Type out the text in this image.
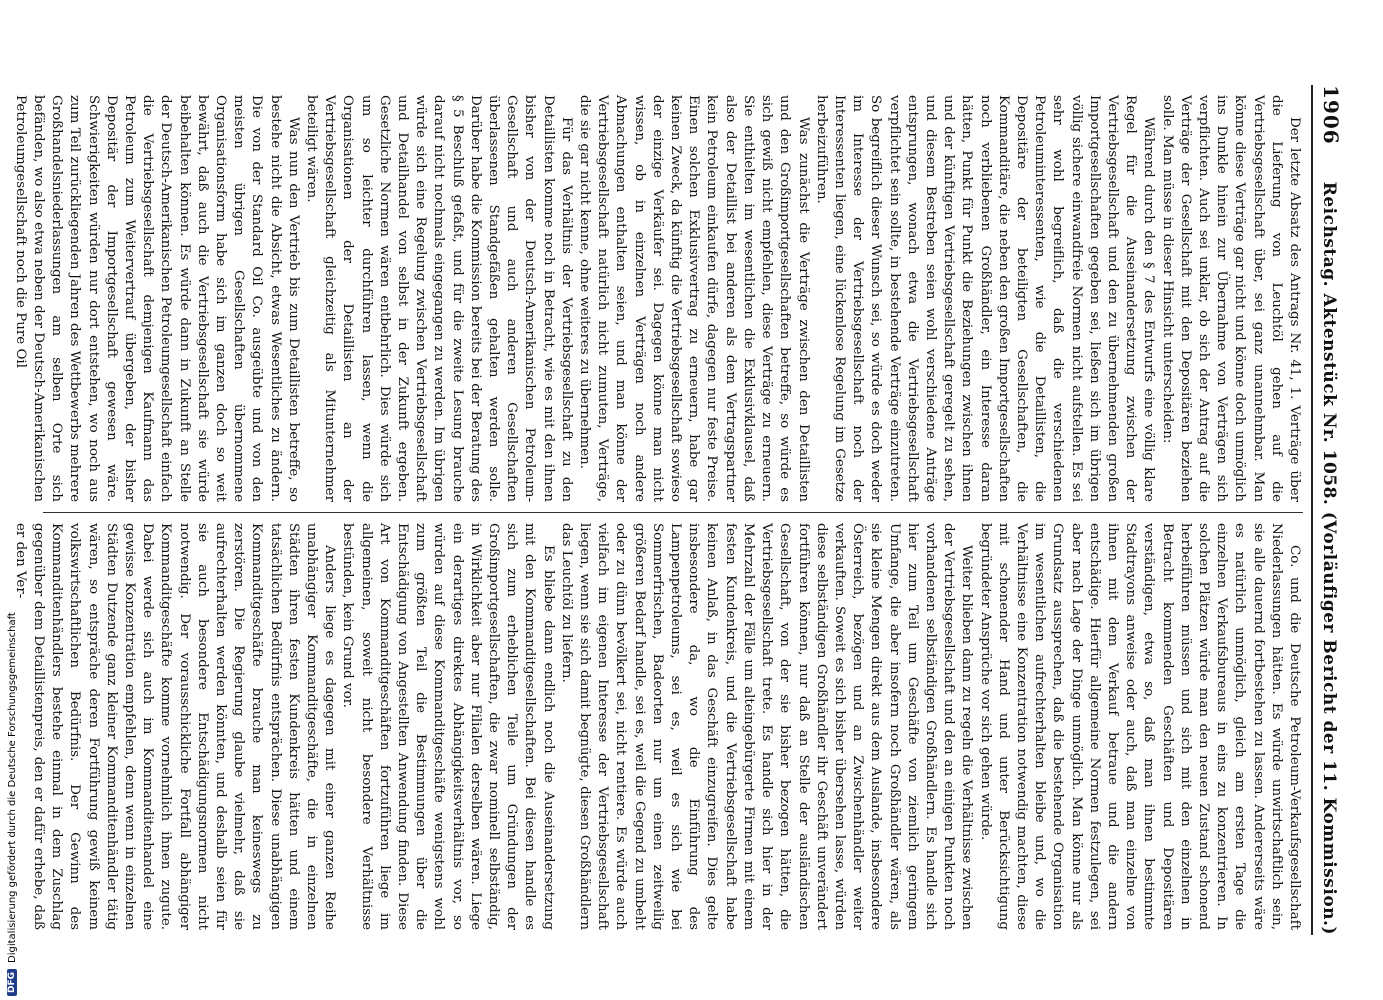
1906
Reichstag. Aktenstück Nr. 1058. (Vorläufiger Bericht der 11. Kommission.)

Der letzte Absatz des Antrags Nr. 41, 1. Verträge über die Lieferung von Leuchtöl gehen auf die Vertriebsgesellschaft über, sei ganz unannehmbar. Man könne diese Verträge gar nicht und könne doch unmöglich ins Dunkle hinein zur Übernahme von Verträgen sich verpflichten. Auch sei unklar, ob sich der Antrag auf die Verträge der Gesellschaft mit den Depositären beziehen solle. Man müsse in dieser Hinsicht unterscheiden:

Während durch den § 7 des Entwurfs eine völlig klare Regel für die Auseinandersetzung zwischen der Vertriebsgesellschaft und den zu übernehmenden großen Importgesellschaften gegeben sei, ließen sich im übrigen völlig sichere einwandfreie Normen nicht aufstellen. Es sei sehr wohl begreiflich, daß die verschiedenen Petroleuminteressenten, wie die Detaillisten, die Depositäre der beteiligten Gesellschaften, die Kommanditäre, die neben den großen Importgesellschaften noch verbliebenen Großhändler, ein Interesse daran hätten, Punkt für Punkt die Beziehungen zwischen ihnen und der künftigen Vertriebsgesellschaft geregelt zu sehen, und diesem Bestreben seien wohl verschiedene Anträge entsprungen, wonach etwa die Vertriebsgesellschaft verpflichtet sein sollte, in bestehende Verträge einzutreten. So begreiflich dieser Wunsch sei, so würde es doch weder im Interesse der Vertriebsgesellschaft noch der Interessenten liegen, eine lückenlose Regelung im Gesetze herbeizuführen.

Was zunächst die Verträge zwischen den Detaillisten und den Großimportgesellschaften betreffe, so würde es sich gewiß nicht empfehlen, diese Verträge zu erneuern. Sie enthielten im wesentlichen die Exklusivklausel, daß also der Detaillist bei anderen als dem Vertragspartner kein Petroleum einkaufen dürfe, dagegen nur feste Preise. Einen solchen Exklusivvertrag zu erneuern, habe gar keinen Zweck, da künftig die Vertriebsgesellschaft sowieso der einzige Verkäufer sei. Dagegen könne man nicht wissen, ob in einzelnen Verträgen noch andere Abmachungen enthalten seien, und man könne der Vertriebsgesellschaft natürlich nicht zumuten, Verträge, die sie gar nicht kenne, ohne weiteres zu übernehmen.

Für das Verhältnis der Vertriebsgesellschaft zu den Detaillisten komme noch in Betracht, wie es mit den ihnen bisher von der Deutsch-Amerikanischen Petroleum-Gesellschaft und auch anderen Gesellschaften überlassenen Standgefäßen gehalten werden solle. Darüber habe die Kommission bereits bei der Beratung des § 5 Beschluß gefaßt, und für die zweite Lesung brauche darauf nicht nochmals eingegangen zu werden. Im übrigen würde sich eine Regelung zwischen Vertriebsgesellschaft und Detailhandel von selbst in der Zukunft ergeben. Gesetzliche Normen wären entbehrlich. Dies würde sich um so leichter durchführen lassen, wenn die Organisationen der Detaillisten an der Vertriebsgesellschaft gleichzeitig als Mitunternehmer beteiligt wären.

Was nun den Vertrieb bis zum Detaillisten betreffe, so bestehe nicht die Absicht, etwas Wesentliches zu ändern. Die von der Standard Oil Co. ausgeübte und von den meisten übrigen Gesellschaften übernommene Organisationsform habe sich im ganzen doch so weit bewährt, daß auch die Vertriebsgesellschaft sie würde beibehalten können. Es würde dann in Zukunft an Stelle der Deutsch-Amerikanischen Petroleumgesellschaft einfach die Vertriebsgesellschaft demjenigen Kaufmann das Petroleum zum Weitervertrauf übergeben, der bisher Depositär der Importgesellschaft gewesen wäre. Schwierigkeiten würden nur dort entstehen, wo noch aus zum Teil zurückliegenden Jahren des Wettbewerbs mehrere Großhandelsniederlassungen am selben Orte sich befänden, wo also etwa neben der Deutsch-Amerikanischen Petroleumgesellschaft noch die Pure Oil

Co. und die Deutsche Petroleum-Verkaufsgesellschaft Niederlassungen hätten. Es würde unwirtschaftlich sein, sie alle dauernd fortbestehen zu lassen. Andererseits wäre es natürlich unmöglich, gleich am ersten Tage die einzelnen Verkaufsbureaus in eins zu konzentrieren. In solchen Plätzen würde man den neuen Zustand schonend herbeiführen müssen und sich mit den einzelnen in Betracht kommenden Geschäften und Depositären verständigen, etwa so, daß man ihnen bestimmte Stadtrayons anweise oder auch, daß man einzelne von ihnen mit dem Verkauf betraue und die andern entschädige. Hierfür allgemeine Normen festzulegen, sei aber nach Lage der Dinge unmöglich. Man könne nur als Grundsatz aussprechen, daß die bestehende Organisation im wesentlichen aufrechterhalten bleibe und, wo die Verhältnisse eine Konzentration notwendig machten, diese mit schonender Hand und unter Berücksichtigung begründeter Ansprüche vor sich gehen würde.

Weiter blieben dann zu regeln die Verhältnisse zwischen der Vertriebsgesellschaft und den an einigen Punkten noch vorhandenen selbständigen Großhändlern. Es handle sich hier zum Teil um Geschäfte von ziemlich geringem Umfange, die aber insofern noch Großhändler wären, als sie kleine Mengen direkt aus dem Auslande, insbesondere Österreich, bezögen und an Zwischenhändler weiter verkauften. Soweit es sich bisher übersehen lasse, würden diese selbständigen Großhändler ihr Geschäft unverändert fortführen können, nur daß an Stelle der ausländischen Gesellschaft, von der sie bisher bezogen hätten, die Vertriebsgesellschaft trete. Es handle sich hier in der Mehrzahl der Fälle um alteingebürgerte Firmen mit einem festen Kundenkreis, und die Vertriebsgesellschaft habe keinen Anlaß, in das Geschäft einzugreifen. Dies gelte insbesondere da, wo die Einführung des Lampenpetroleums, sei es, weil es sich wie bei Sommerfrischen, Badeorten nur um einen zeitweilig größeren Bedarf handle, sei es, weil die Gegend zu umbeht oder zu dünn bevölkert sei, nicht rentiere. Es würde auch vielfach im eigenen Interesse der Vertriebsgesellschaft liegen, wenn sie sich damit begnügte, diesen Großhändlern das Leuchtöl zu liefern.

Es bliebe dann endlich noch die Auseinandersetzung mit den Kommanditgesellschaften. Bei diesen handle es sich zum erheblichen Teile um Gründungen der Großimportgesellschaften, die zwar nominell selbständig, in Wirklichkeit aber nur Filialen derselben wären. Liege ein derartiges direktes Abhängigkeitsverhältnis vor, so würden auf diese Kommanditgeschäfte wenigstens wohl zum größten Teil die Bestimmungen über die Entschädigung von Angestellten Anwendung finden. Diese Art von Kommanditgeschäften fortzuführen liege im allgemeinen, soweit nicht besondere Verhältnisse bestünden, kein Grund vor.

Anders liege es dagegen mit einer ganzen Reihe unabhängiger Kommanditgeschäfte, die in einzelnen Städten ihren festen Kundenkreis hätten und einem tatsächlichen Bedürfnis entsprächen. Diese unabhängigen Kommanditgeschäfte brauche man keineswegs zu zerstören. Die Regierung glaube vielmehr, daß sie aufrechterhalten werden könnten, und deshalb seien für sie auch besondere Entschädigungsnormen nicht notwendig. Der vorausschickliche Fortfall abhängiger Kommanditgeschäfte komme vornehmlich ihnen zugute. Dabei werde sich auch im Kommanditenhandel eine gewisse Konzentration empfehlen, denn wenn in einzelnen Städten Dutzende ganz kleiner Kommanditenhändler tätig wären, so entspräche deren Fortführung gewiß keinem volkswirtschaftlichen Bedürfnis. Der Gewinn des Kommanditenhändlers bestehe einmal in dem Zuschlag gegenüber dem Detaillistenpreis, den er dafür erhebe, daß er den Ver-

DFG
Digitalisierung gefördert durch die Deutsche Forschungsgemeinschaft
